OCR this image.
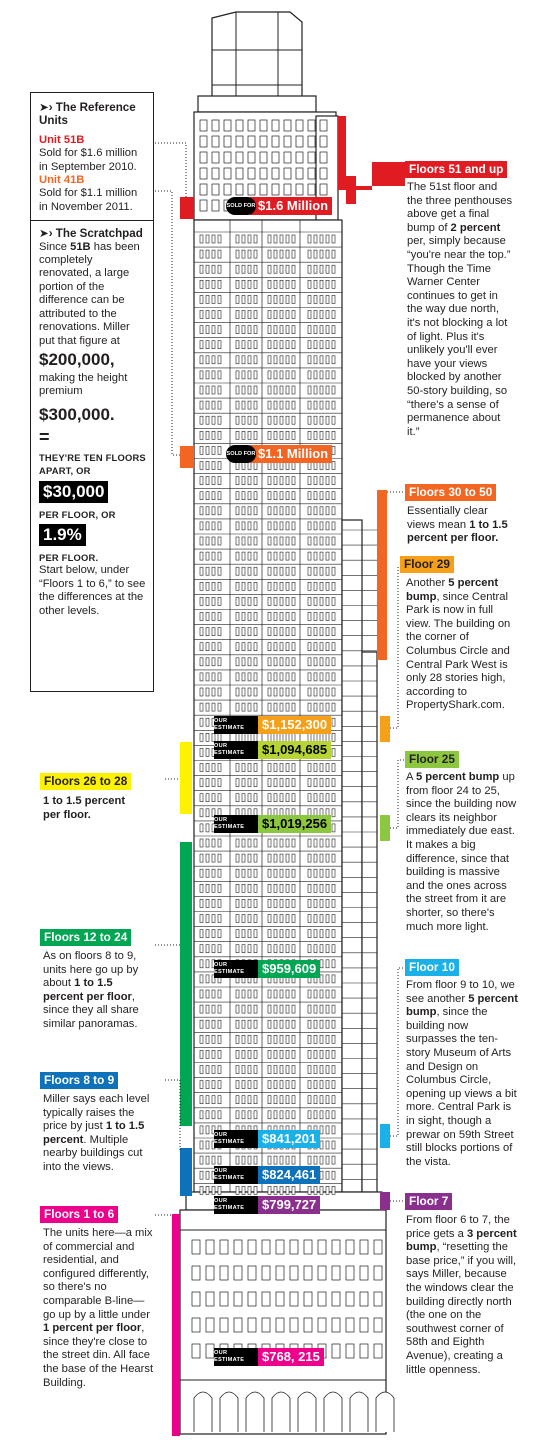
➤› The Reference Units
Unit 51B
Sold for $1.6 million in September 2010.
Unit 41B
Sold for $1.1 million in November 2011.
➤› The Scratchpad
Since 51B has been completely renovated, a large portion of the difference can be attributed to the renovations. Miller put that figure at
$200,000,
making the height premium
$300,000.
=
THEY'RE TEN FLOORS APART, OR
$30,000
PER FLOOR, OR
1.9%
PER FLOOR.
Start below, under “Floors 1 to 6,” to see the differences at the other levels.
SOLD FOR $1.6 Million
SOLD FOR $1.1 Million
OUR ESTIMATE	$1,152,300
OUR ESTIMATE	$1,094,685
OUR ESTIMATE	$1,019,256
OUR ESTIMATE	$959,609
OUR ESTIMATE	$841,201
OUR ESTIMATE	$824,461
OUR ESTIMATE	$799,727
OUR ESTIMATE	$768, 215
Floors 51 and up
The 51st floor and the three penthouses above get a final bump of 2 percent per, simply because “you're near the top.” Though the Time Warner Center continues to get in the way due north, it's not blocking a lot of light. Plus it's unlikely you'll ever have your views blocked by another 50-story building, so “there's a sense of permanence about it.”
Floors 30 to 50
Essentially clear views mean 1 to 1.5 percent per floor.
Floor 29
Another 5 percent bump, since Central Park is now in full view. The building on the corner of Columbus Circle and Central Park West is only 28 stories high, according to PropertyShark.com.
Floors 26 to 28
1 to 1.5 percent per floor.
Floor 25
A 5 percent bump up from floor 24 to 25, since the building now clears its neighbor immediately due east. It makes a big difference, since that building is massive and the ones across the street from it are shorter, so there's much more light.
Floors 12 to 24
As on floors 8 to 9, units here go up by about 1 to 1.5 percent per floor, since they all share similar panoramas.
Floor 10
From floor 9 to 10, we see another 5 percent bump, since the building now surpasses the ten-story Museum of Arts and Design on Columbus Circle, opening up views a bit more. Central Park is in sight, though a prewar on 59th Street still blocks portions of the vista.
Floors 8 to 9
Miller says each level typically raises the price by just 1 to 1.5 percent. Multiple nearby buildings cut into the views.
Floor 7
From floor 6 to 7, the price gets a 3 percent bump, “resetting the base price,” if you will, says Miller, because the windows clear the building directly north (the one on the southwest corner of 58th and Eighth Avenue), creating a little openness.
Floors 1 to 6
The units here—a mix of commercial and residential, and configured differently, so there's no comparable B-line—go up by a little under 1 percent per floor, since they're close to the street din. All face the base of the Hearst Building.
